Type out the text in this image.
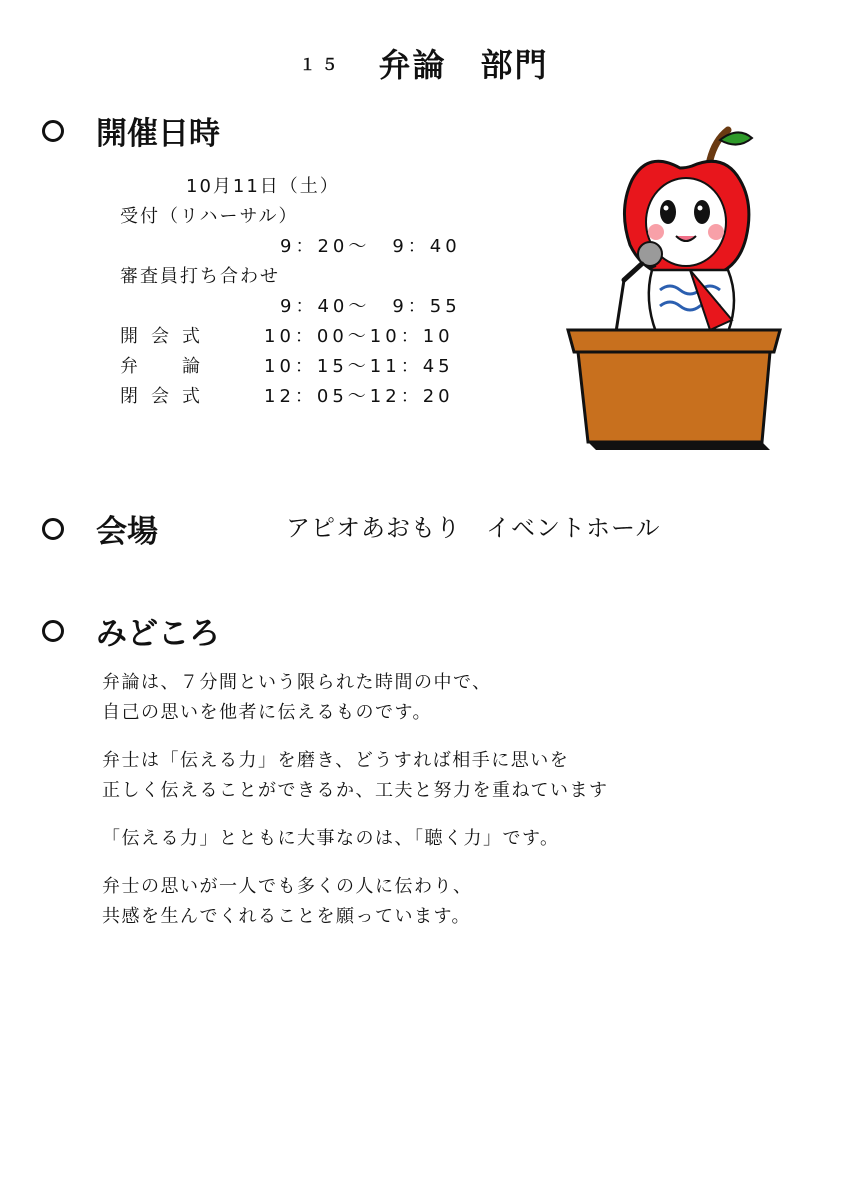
１５ 弁論　部門
開催日時
10月11日（土）
受付（リハーサル）
9：20～　9：40
審査員打ち合わせ
9：40～　9：55
開会式	10：00～10：10
弁　論	10：15～11：45
閉会式	12：05～12：20
会場	アピオあおもり　イベントホール
みどころ

弁論は、７分間という限られた時間の中で、
自己の思いを他者に伝えるものです。

弁士は「伝える力」を磨き、どうすれば相手に思いを
正しく伝えることができるか、工夫と努力を重ねています

「伝える力」とともに大事なのは、「聴く力」です。

弁士の思いが一人でも多くの人に伝わり、
共感を生んでくれることを願っています。
